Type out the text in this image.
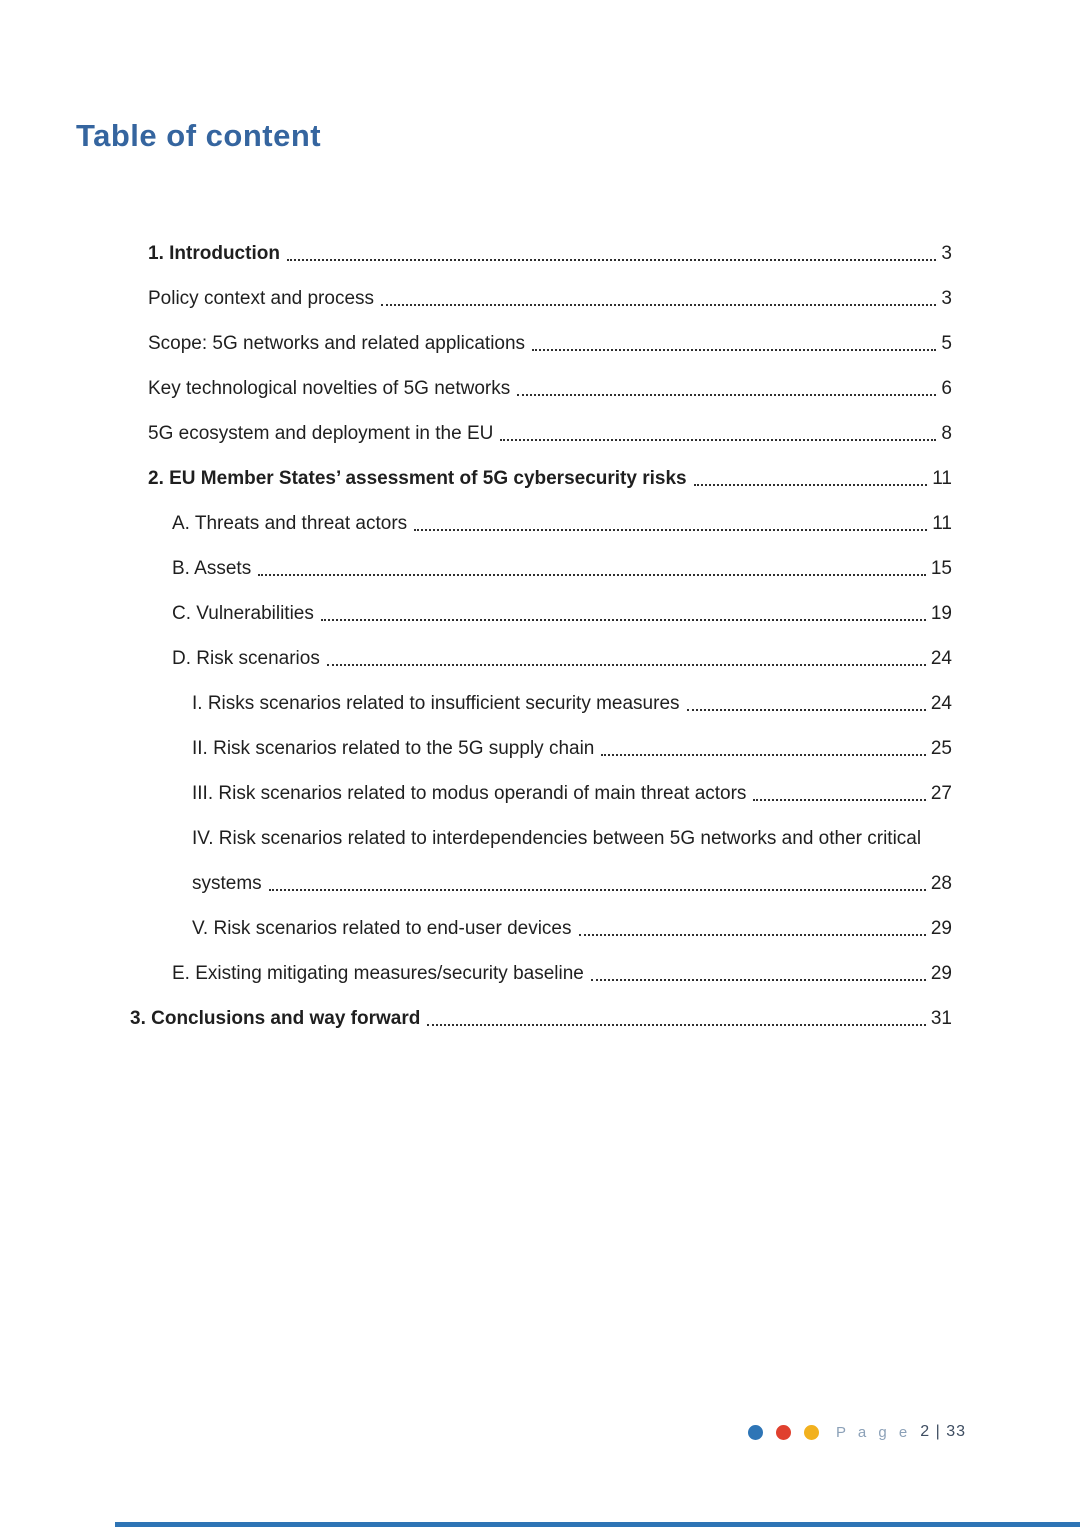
Table of content
1. Introduction	3
Policy context and process	3
Scope: 5G networks and related applications	5
Key technological novelties of 5G networks	6
5G ecosystem and deployment in the EU	8
2. EU Member States’ assessment of 5G cybersecurity risks	11
A. Threats and threat actors	11
B. Assets	15
C. Vulnerabilities	19
D. Risk scenarios	24
I. Risks scenarios related to insufficient security measures	24
II. Risk scenarios related to the 5G supply chain	25
III. Risk scenarios related to modus operandi of main threat actors	27
IV. Risk scenarios related to interdependencies between 5G networks and other critical
systems	28
V. Risk scenarios related to end-user devices	29
E. Existing mitigating measures/security baseline	29
3. Conclusions and way forward	31
P a g e 2 | 33
